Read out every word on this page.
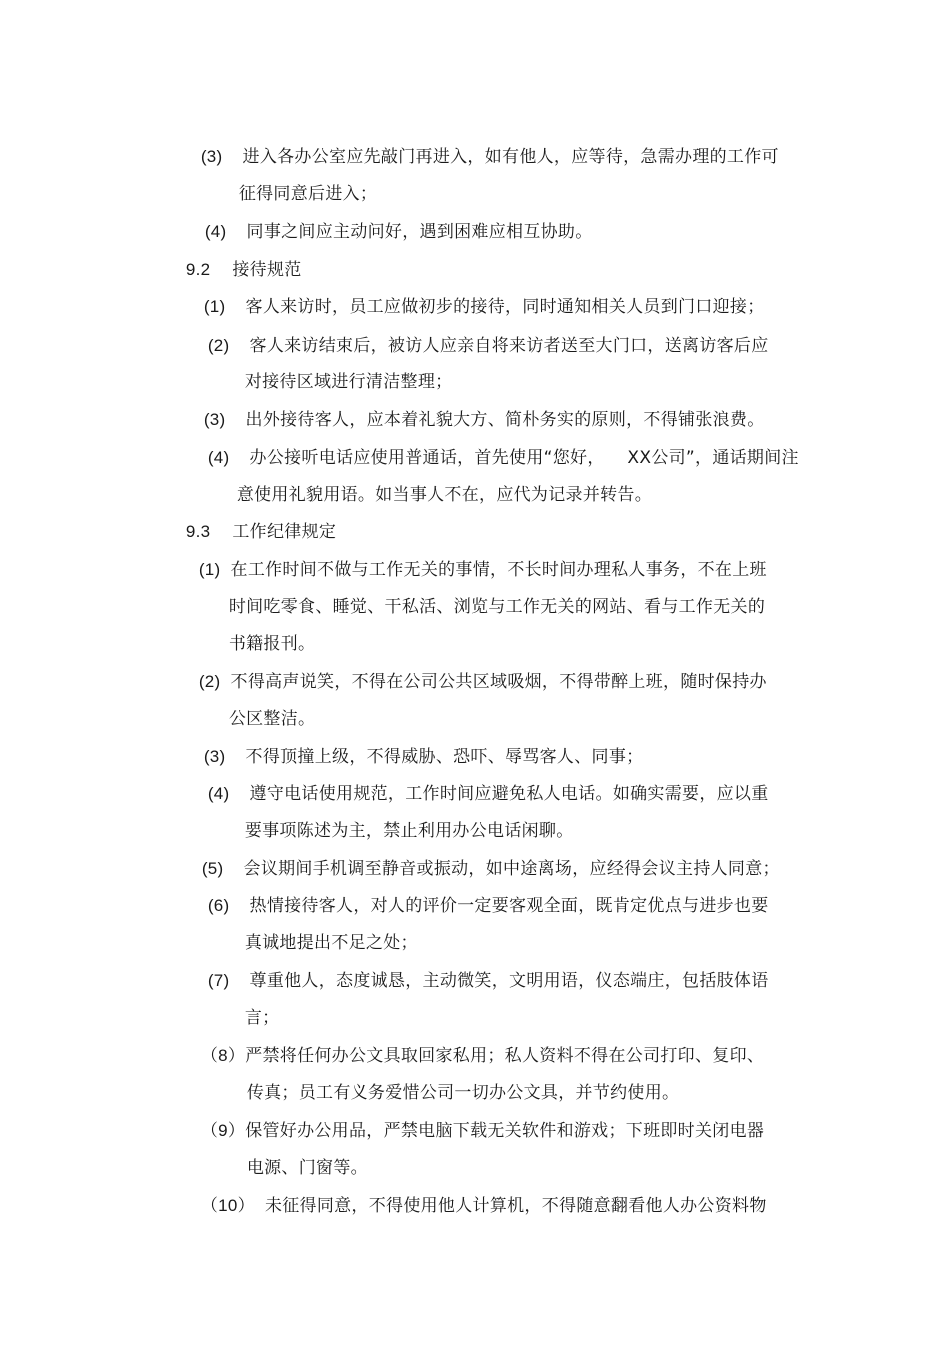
(3) 进入各办公室应先敲门再进入，如有他人，应等待，急需办理的工作可

征得同意后进入；

(4) 同事之间应主动问好，遇到困难应相互协助。

9.2 接待规范

(1) 客人来访时，员工应做初步的接待，同时通知相关人员到门口迎接；

(2) 客人来访结束后，被访人应亲自将来访者送至大门口，送离访客后应

对接待区域进行清洁整理；

(3) 出外接待客人，应本着礼貌大方、简朴务实的原则，不得铺张浪费。

(4) 办公接听电话应使用普通话，首先使用“您好，    XX公司”，通话期间注

意使用礼貌用语。如当事人不在，应代为记录并转告。

9.3 工作纪律规定

(1) 在工作时间不做与工作无关的事情，不长时间办理私人事务，不在上班

时间吃零食、睡觉、干私活、浏览与工作无关的网站、看与工作无关的

书籍报刊。

(2) 不得高声说笑，不得在公司公共区域吸烟，不得带醉上班，随时保持办

公区整洁。

(3) 不得顶撞上级，不得威胁、恐吓、辱骂客人、同事；

(4) 遵守电话使用规范，工作时间应避免私人电话。如确实需要，应以重

要事项陈述为主，禁止利用办公电话闲聊。

(5) 会议期间手机调至静音或振动，如中途离场，应经得会议主持人同意；

(6) 热情接待客人，对人的评价一定要客观全面，既肯定优点与进步也要

真诚地提出不足之处；

(7) 尊重他人，态度诚恳，主动微笑，文明用语，仪态端庄，包括肢体语

言；

（8）严禁将任何办公文具取回家私用；私人资料不得在公司打印、复印、

传真；员工有义务爱惜公司一切办公文具，并节约使用。

（9）保管好办公用品，严禁电脑下载无关软件和游戏；下班即时关闭电器

电源、门窗等。

（10） 未征得同意，不得使用他人计算机，不得随意翻看他人办公资料物
